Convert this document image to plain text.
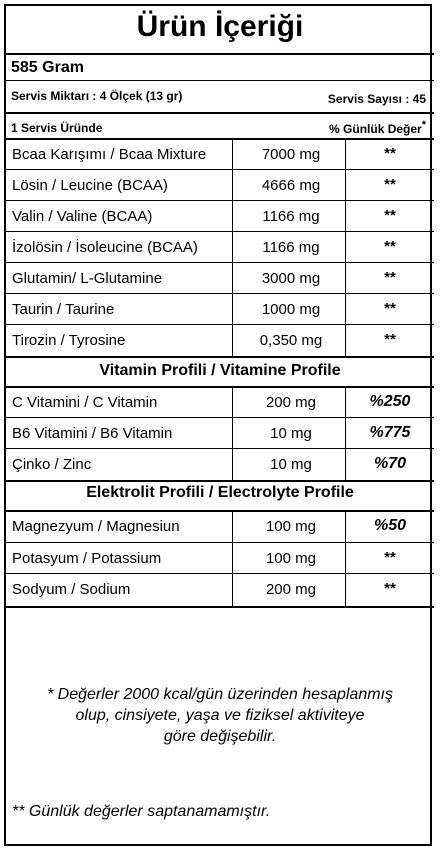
Ürün İçeriği
585 Gram
Servis Miktarı : 4 Ölçek (13 gr)	Servis Sayısı : 45
1 Servis Üründe	% Günlük Değer*
Bcaa Karışımı / Bcaa Mixture	7000 mg	**
Lösin / Leucine (BCAA)	4666 mg	**
Valin / Valine (BCAA)	1166 mg	**
İzolösin / İsoleucine (BCAA)	1166 mg	**
Glutamin/ L-Glutamine	3000 mg	**
Taurin / Taurine	1000 mg	**
Tirozin / Tyrosine	0,350 mg	**
Vitamin Profili / Vitamine Profile
C Vitamini / C Vitamin	200 mg	%250
B6 Vitamini / B6 Vitamin	10 mg	%775
Çinko / Zinc	10 mg	%70
Elektrolit Profili / Electrolyte Profile
Magnezyum / Magnesiun	100 mg	%50
Potasyum / Potassium	100 mg	**
Sodyum / Sodium	200 mg	**
* Değerler 2000 kcal/gün üzerinden hesaplanmış
olup, cinsiyete, yaşa ve fiziksel aktiviteye
göre değişebilir.
** Günlük değerler saptanamamıştır.
